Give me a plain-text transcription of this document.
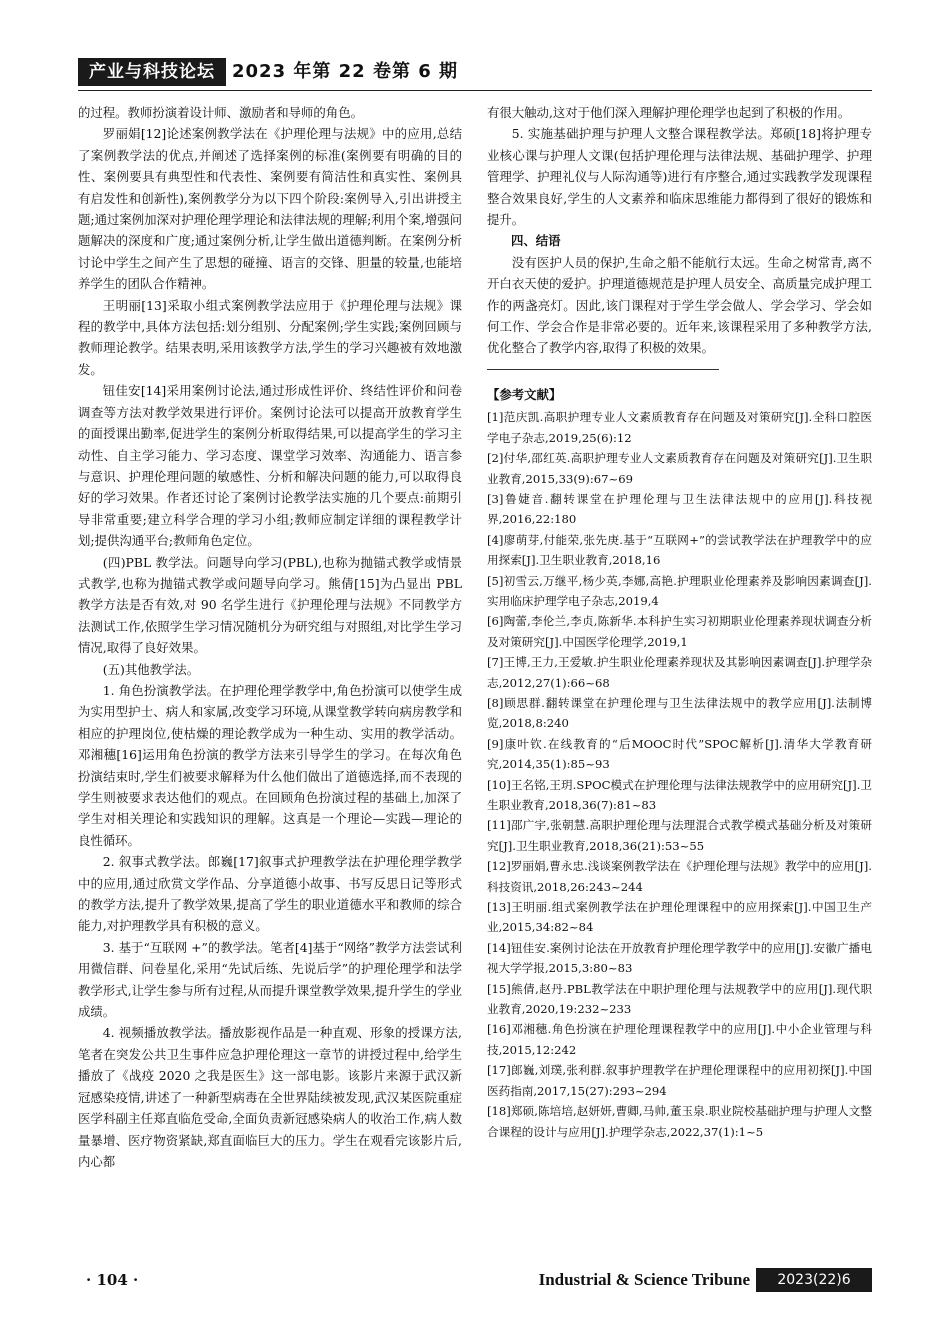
产业与科技论坛 2023 年第 22 卷第 6 期

的过程。教师扮演着设计师、激励者和导师的角色。

罗丽娟[12]论述案例教学法在《护理伦理与法规》中的应用,总结了案例教学法的优点,并阐述了选择案例的标准(案例要有明确的目的性、案例要具有典型性和代表性、案例要有简洁性和真实性、案例具有启发性和创新性),案例教学分为以下四个阶段:案例导入,引出讲授主题;通过案例加深对护理伦理学理论和法律法规的理解;利用个案,增强问题解决的深度和广度;通过案例分析,让学生做出道德判断。在案例分析讨论中学生之间产生了思想的碰撞、语言的交锋、胆量的较量,也能培养学生的团队合作精神。

王明丽[13]采取小组式案例教学法应用于《护理伦理与法规》课程的教学中,具体方法包括:划分组别、分配案例;学生实践;案例回顾与教师理论教学。结果表明,采用该教学方法,学生的学习兴趣被有效地激发。

钮佳安[14]采用案例讨论法,通过形成性评价、终结性评价和问卷调查等方法对教学效果进行评价。案例讨论法可以提高开放教育学生的面授课出勤率,促进学生的案例分析取得结果,可以提高学生的学习主动性、自主学习能力、学习态度、课堂学习效率、沟通能力、语言参与意识、护理伦理问题的敏感性、分析和解决问题的能力,可以取得良好的学习效果。作者还讨论了案例讨论教学法实施的几个要点:前期引导非常重要;建立科学合理的学习小组;教师应制定详细的课程教学计划;提供沟通平台;教师角色定位。

(四)PBL 教学法。问题导向学习(PBL),也称为抛锚式教学或情景式教学,也称为抛锚式教学或问题导向学习。熊倩[15]为凸显出 PBL 教学方法是否有效,对 90 名学生进行《护理伦理与法规》不同教学方法测试工作,依照学生学习情况随机分为研究组与对照组,对比学生学习情况,取得了良好效果。

(五)其他教学法。

1. 角色扮演教学法。在护理伦理学教学中,角色扮演可以使学生成为实用型护士、病人和家属,改变学习环境,从课堂教学转向病房教学和相应的护理岗位,使枯燥的理论教学成为一种生动、实用的教学活动。邓湘穗[16]运用角色扮演的教学方法来引导学生的学习。在每次角色扮演结束时,学生们被要求解释为什么他们做出了道德选择,而不表现的学生则被要求表达他们的观点。在回顾角色扮演过程的基础上,加深了学生对相关理论和实践知识的理解。这真是一个理论—实践—理论的良性循环。

2. 叙事式教学法。郎巍[17]叙事式护理教学法在护理伦理学教学中的应用,通过欣赏文学作品、分享道德小故事、书写反思日记等形式的教学方法,提升了教学效果,提高了学生的职业道德水平和教师的综合能力,对护理教学具有积极的意义。

3. 基于“互联网 +”的教学法。笔者[4]基于“网络”教学方法尝试利用微信群、问卷星化,采用“先试后练、先说后学”的护理伦理学和法学教学形式,让学生参与所有过程,从而提升课堂教学效果,提升学生的学业成绩。

4. 视频播放教学法。播放影视作品是一种直观、形象的授课方法,笔者在突发公共卫生事件应急护理伦理这一章节的讲授过程中,给学生播放了《战疫 2020 之我是医生》这一部电影。该影片来源于武汉新冠感染疫情,讲述了一种新型病毒在全世界陆续被发现,武汉某医院重症医学科副主任郑直临危受命,全面负责新冠感染病人的收治工作,病人数量暴增、医疗物资紧缺,郑直面临巨大的压力。学生在观看完该影片后,内心都

有很大触动,这对于他们深入理解护理伦理学也起到了积极的作用。

5. 实施基础护理与护理人文整合课程教学法。郑硕[18]将护理专业核心课与护理人文课(包括护理伦理与法律法规、基础护理学、护理管理学、护理礼仪与人际沟通等)进行有序整合,通过实践教学发现课程整合效果良好,学生的人文素养和临床思维能力都得到了很好的锻炼和提升。

四、结语

没有医护人员的保护,生命之船不能航行太远。生命之树常青,离不开白衣天使的爱护。护理道德规范是护理人员安全、高质量完成护理工作的两盏亮灯。因此,该门课程对于学生学会做人、学会学习、学会如何工作、学会合作是非常必要的。近年来,该课程采用了多种教学方法,优化整合了教学内容,取得了积极的效果。

【参考文献】
[1]范庆凯.高职护理专业人文素质教育存在问题及对策研究[J].全科口腔医学电子杂志,2019,25(6):12
[2]付华,邵红英.高职护理专业人文素质教育存在问题及对策研究[J].卫生职业教育,2015,33(9):67~69
[3]鲁婕音.翻转课堂在护理伦理与卫生法律法规中的应用[J].科技视界,2016,22:180
[4]廖萌芽,付能荣,张先庚.基于“互联网+”的尝试教学法在护理教学中的应用探索[J].卫生职业教育,2018,16
[5]初雪云,万继平,杨少英,李娜,高艳.护理职业伦理素养及影响因素调查[J].实用临床护理学电子杂志,2019,4
[6]陶蕾,李伦兰,李贞,陈新华.本科护生实习初期职业伦理素养现状调查分析及对策研究[J].中国医学伦理学,2019,1
[7]王博,王力,王爱敏.护生职业伦理素养现状及其影响因素调查[J].护理学杂志,2012,27(1):66~68
[8]顾思群.翻转课堂在护理伦理与卫生法律法规中的教学应用[J].法制博览,2018,8:240
[9]康叶钦.在线教育的“后MOOC时代”SPOC解析[J].清华大学教育研究,2014,35(1):85~93
[10]王名铭,王玥.SPOC模式在护理伦理与法律法规教学中的应用研究[J].卫生职业教育,2018,36(7):81~83
[11]邵广宇,张朝慧.高职护理伦理与法理混合式教学模式基础分析及对策研究[J].卫生职业教育,2018,36(21):53~55
[12]罗丽娟,曹永忠.浅谈案例教学法在《护理伦理与法规》教学中的应用[J].科技资讯,2018,26:243~244
[13]王明丽.组式案例教学法在护理伦理课程中的应用探索[J].中国卫生产业,2015,34:82~84
[14]钮佳安.案例讨论法在开放教育护理伦理学教学中的应用[J].安徽广播电视大学学报,2015,3:80~83
[15]熊倩,赵丹.PBL教学法在中职护理伦理与法规教学中的应用[J].现代职业教育,2020,19:232~233
[16]邓湘穗.角色扮演在护理伦理课程教学中的应用[J].中小企业管理与科技,2015,12:242
[17]郎巍,刘璞,张利群.叙事护理教学在护理伦理课程中的应用初探[J].中国医药指南,2017,15(27):293~294
[18]郑硕,陈培培,赵妍妍,曹卿,马帅,董玉泉.职业院校基础护理与护理人文整合课程的设计与应用[J].护理学杂志,2022,37(1):1~5
· 104 ·	Industrial & Science Tribune	2023(22)6
